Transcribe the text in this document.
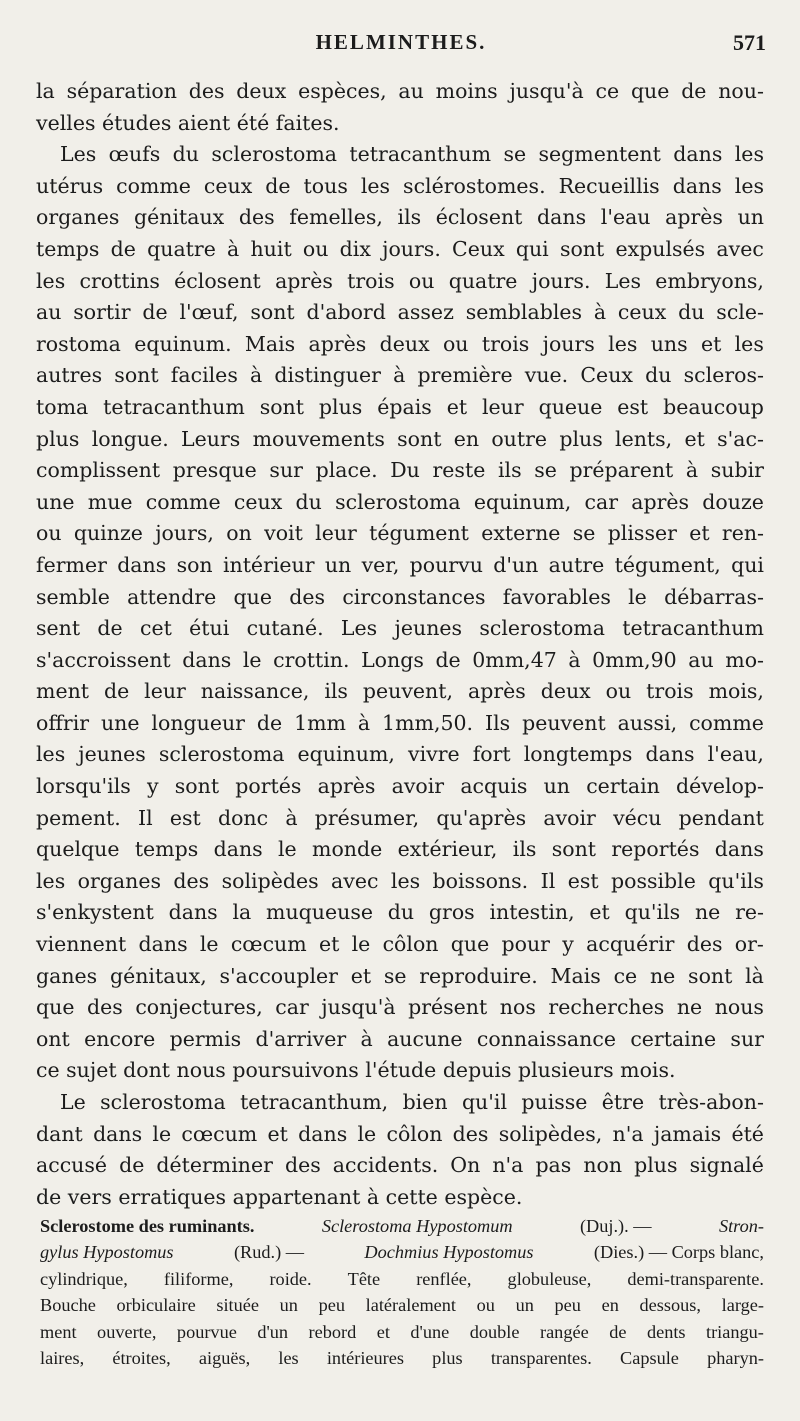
HELMINTHES.	571
la séparation des deux espèces, au moins jusqu'à ce que de nou-
velles études aient été faites.
Les œufs du sclerostoma tetracanthum se segmentent dans les
utérus comme ceux de tous les sclérostomes. Recueillis dans les
organes génitaux des femelles, ils éclosent dans l'eau après un
temps de quatre à huit ou dix jours. Ceux qui sont expulsés avec
les crottins éclosent après trois ou quatre jours. Les embryons,
au sortir de l'œuf, sont d'abord assez semblables à ceux du scle-
rostoma equinum. Mais après deux ou trois jours les uns et les
autres sont faciles à distinguer à première vue. Ceux du scleros-
toma tetracanthum sont plus épais et leur queue est beaucoup
plus longue. Leurs mouvements sont en outre plus lents, et s'ac-
complissent presque sur place. Du reste ils se préparent à subir
une mue comme ceux du sclerostoma equinum, car après douze
ou quinze jours, on voit leur tégument externe se plisser et ren-
fermer dans son intérieur un ver, pourvu d'un autre tégument, qui
semble attendre que des circonstances favorables le débarras-
sent de cet étui cutané. Les jeunes sclerostoma tetracanthum
s'accroissent dans le crottin. Longs de 0mm,47 à 0mm,90 au mo-
ment de leur naissance, ils peuvent, après deux ou trois mois,
offrir une longueur de 1mm à 1mm,50. Ils peuvent aussi, comme
les jeunes sclerostoma equinum, vivre fort longtemps dans l'eau,
lorsqu'ils y sont portés après avoir acquis un certain dévelop-
pement. Il est donc à présumer, qu'après avoir vécu pendant
quelque temps dans le monde extérieur, ils sont reportés dans
les organes des solipèdes avec les boissons. Il est possible qu'ils
s'enkystent dans la muqueuse du gros intestin, et qu'ils ne re-
viennent dans le cœcum et le côlon que pour y acquérir des or-
ganes génitaux, s'accoupler et se reproduire. Mais ce ne sont là
que des conjectures, car jusqu'à présent nos recherches ne nous
ont encore permis d'arriver à aucune connaissance certaine sur
ce sujet dont nous poursuivons l'étude depuis plusieurs mois.
Le sclerostoma tetracanthum, bien qu'il puisse être très-abon-
dant dans le cœcum et dans le côlon des solipèdes, n'a jamais été
accusé de déterminer des accidents. On n'a pas non plus signalé
de vers erratiques appartenant à cette espèce.
Sclerostome des ruminants.	Sclerostoma Hypostomum	(Duj.). —	Stron-
gylus Hypostomus	(Rud.) —	Dochmius Hypostomus	(Dies.) — Corps blanc,
cylindrique, filiforme, roide. Tête renflée, globuleuse, demi-transparente.
Bouche orbiculaire située un peu latéralement ou un peu en dessous, large-
ment ouverte, pourvue d'un rebord et d'une double rangée de dents triangu-
laires, étroites, aiguës, les intérieures plus transparentes. Capsule pharyn-
